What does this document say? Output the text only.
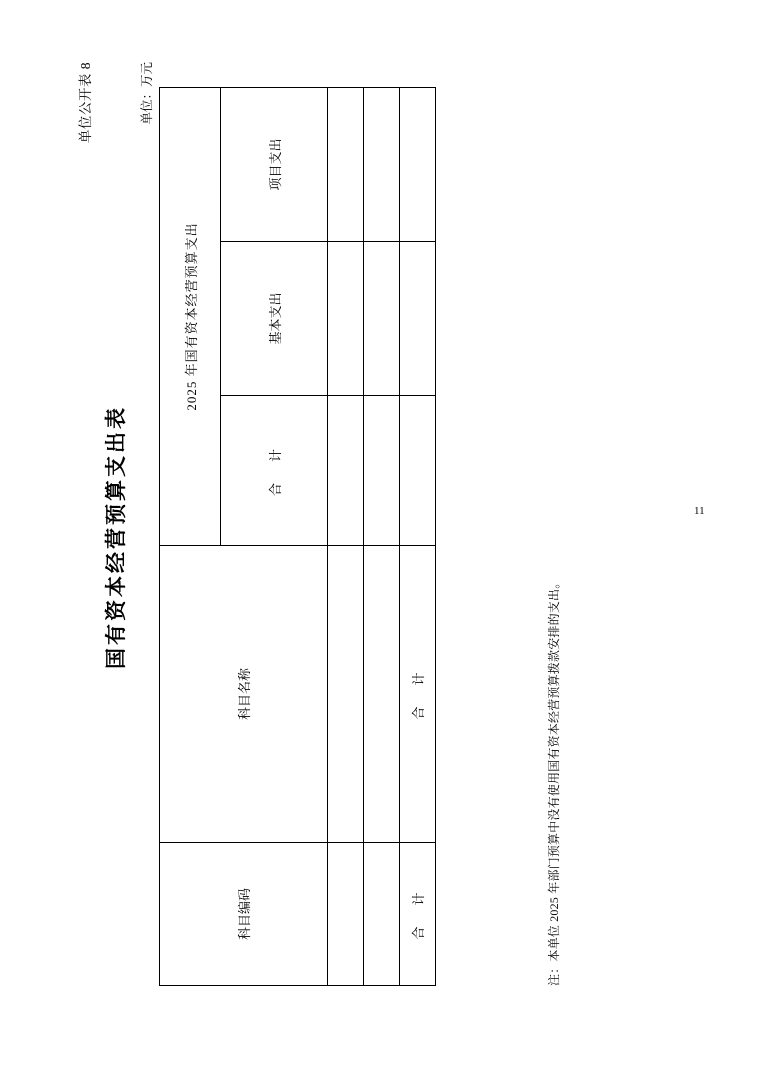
单位公开表 8
国有资本经营预算支出表
单位：万元
科目编码	科目名称	2025 年国有资本经营预算支出		
		合　计	基本支出	项目支出

合　计	合　计				注：本单位 2025 年部门预算中没有使用国有资本经营预算拨款安排的支出。
11
